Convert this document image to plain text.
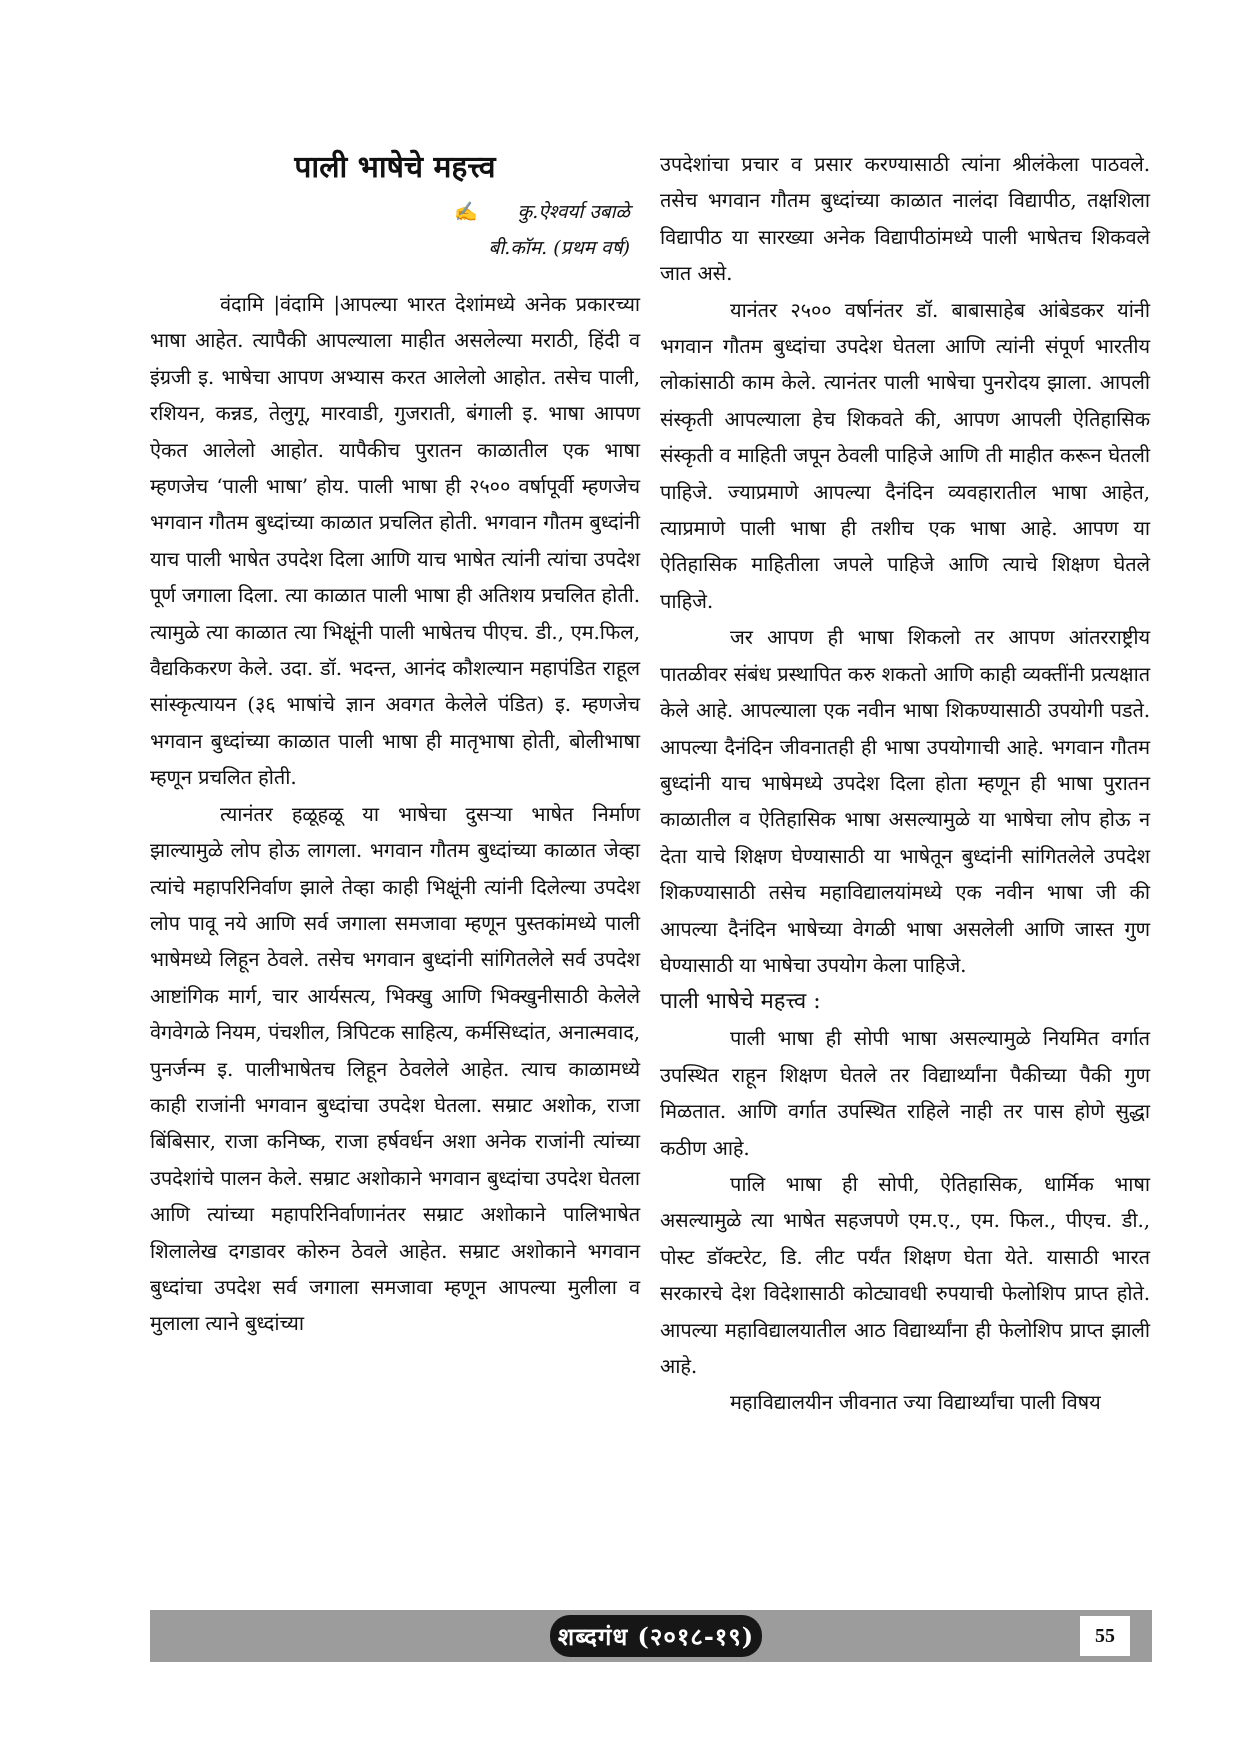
पाली भाषेचे महत्त्व
✍ कु.ऐश्वर्या उबाळे
बी.कॉम. (प्रथम वर्ष)

वंदामि |वंदामि |आपल्या भारत देशांमध्ये अनेक प्रकारच्या भाषा आहेत. त्यापैकी आपल्याला माहीत असलेल्या मराठी, हिंदी व इंग्रजी इ. भाषेचा आपण अभ्यास करत आलेलो आहोत. तसेच पाली, रशियन, कन्नड, तेलुगू, मारवाडी, गुजराती, बंगाली इ. भाषा आपण ऐकत आलेलो आहोत. यापैकीच पुरातन काळातील एक भाषा म्हणजेच ‘पाली भाषा’ होय. पाली भाषा ही २५०० वर्षापूर्वी म्हणजेच भगवान गौतम बुध्दांच्या काळात प्रचलित होती. भगवान गौतम बुध्दांनी याच पाली भाषेत उपदेश दिला आणि याच भाषेत त्यांनी त्यांचा उपदेश पूर्ण जगाला दिला. त्या काळात पाली भाषा ही अतिशय प्रचलित होती. त्यामुळे त्या काळात त्या भिक्षूंनी पाली भाषेतच पीएच. डी., एम.फिल, वैद्यकिकरण केले. उदा. डॉ. भदन्त, आनंद कौशल्यान महापंडित राहूल सांस्कृत्यायन (३६ भाषांचे ज्ञान अवगत केलेले पंडित) इ. म्हणजेच भगवान बुध्दांच्या काळात पाली भाषा ही मातृभाषा होती, बोलीभाषा म्हणून प्रचलित होती.

त्यानंतर हळूहळू या भाषेचा दुसऱ्या भाषेत निर्माण झाल्यामुळे लोप होऊ लागला. भगवान गौतम बुध्दांच्या काळात जेव्हा त्यांचे महापरिनिर्वाण झाले तेव्हा काही भिक्षूंनी त्यांनी दिलेल्या उपदेश लोप पावू नये आणि सर्व जगाला समजावा म्हणून पुस्तकांमध्ये पाली भाषेमध्ये लिहून ठेवले. तसेच भगवान बुध्दांनी सांगितलेले सर्व उपदेश आष्टांगिक मार्ग, चार आर्यसत्य, भिक्खु आणि भिक्खुनीसाठी केलेले वेगवेगळे नियम, पंचशील, त्रिपिटक साहित्य, कर्मसिध्दांत, अनात्मवाद, पुनर्जन्म इ. पालीभाषेतच लिहून ठेवलेले आहेत. त्याच काळामध्ये काही राजांनी भगवान बुध्दांचा उपदेश घेतला. सम्राट अशोक, राजा बिंबिसार, राजा कनिष्क, राजा हर्षवर्धन अशा अनेक राजांनी त्यांच्या उपदेशांचे पालन केले. सम्राट अशोकाने भगवान बुध्दांचा उपदेश घेतला आणि त्यांच्या महापरिनिर्वाणानंतर सम्राट अशोकाने पालिभाषेत शिलालेख दगडावर कोरुन ठेवले आहेत. सम्राट अशोकाने भगवान बुध्दांचा उपदेश सर्व जगाला समजावा म्हणून आपल्या मुलीला व मुलाला त्याने बुध्दांच्या

उपदेशांचा प्रचार व प्रसार करण्यासाठी त्यांना श्रीलंकेला पाठवले. तसेच भगवान गौतम बुध्दांच्या काळात नालंदा विद्यापीठ, तक्षशिला विद्यापीठ या सारख्या अनेक विद्यापीठांमध्ये पाली भाषेतच शिकवले जात असे.

यानंतर २५०० वर्षानंतर डॉ. बाबासाहेब आंबेडकर यांनी भगवान गौतम बुध्दांचा उपदेश घेतला आणि त्यांनी संपूर्ण भारतीय लोकांसाठी काम केले. त्यानंतर पाली भाषेचा पुनरोदय झाला. आपली संस्कृती आपल्याला हेच शिकवते की, आपण आपली ऐतिहासिक संस्कृती व माहिती जपून ठेवली पाहिजे आणि ती माहीत करून घेतली पाहिजे. ज्याप्रमाणे आपल्या दैनंदिन व्यवहारातील भाषा आहेत, त्याप्रमाणे पाली भाषा ही तशीच एक भाषा आहे. आपण या ऐतिहासिक माहितीला जपले पाहिजे आणि त्याचे शिक्षण घेतले पाहिजे.

जर आपण ही भाषा शिकलो तर आपण आंतरराष्ट्रीय पातळीवर संबंध प्रस्थापित करु शकतो आणि काही व्यक्तींनी प्रत्यक्षात केले आहे. आपल्याला एक नवीन भाषा शिकण्यासाठी उपयोगी पडते. आपल्या दैनंदिन जीवनातही ही भाषा उपयोगाची आहे. भगवान गौतम बुध्दांनी याच भाषेमध्ये उपदेश दिला होता म्हणून ही भाषा पुरातन काळातील व ऐतिहासिक भाषा असल्यामुळे या भाषेचा लोप होऊ न देता याचे शिक्षण घेण्यासाठी या भाषेतून बुध्दांनी सांगितलेले उपदेश शिकण्यासाठी तसेच महाविद्यालयांमध्ये एक नवीन भाषा जी की आपल्या दैनंदिन भाषेच्या वेगळी भाषा असलेली आणि जास्त गुण घेण्यासाठी या भाषेचा उपयोग केला पाहिजे.

पाली भाषेचे महत्त्व :

पाली भाषा ही सोपी भाषा असल्यामुळे नियमित वर्गात उपस्थित राहून शिक्षण घेतले तर विद्यार्थ्यांना पैकीच्या पैकी गुण मिळतात. आणि वर्गात उपस्थित राहिले नाही तर पास होणे सुद्धा कठीण आहे.

पालि भाषा ही सोपी, ऐतिहासिक, धार्मिक भाषा असल्यामुळे त्या भाषेत सहजपणे एम.ए., एम. फिल., पीएच. डी., पोस्ट डॉक्टरेट, डि. लीट पर्यंत शिक्षण घेता येते. यासाठी भारत सरकारचे देश विदेशासाठी कोट्यावधी रुपयाची फेलोशिप प्राप्त होते. आपल्या महाविद्यालयातील आठ विद्यार्थ्यांना ही फेलोशिप प्राप्त झाली आहे.

महाविद्यालयीन जीवनात ज्या विद्यार्थ्यांचा पाली विषय

शब्दगंध (२०१८-१९)	55
